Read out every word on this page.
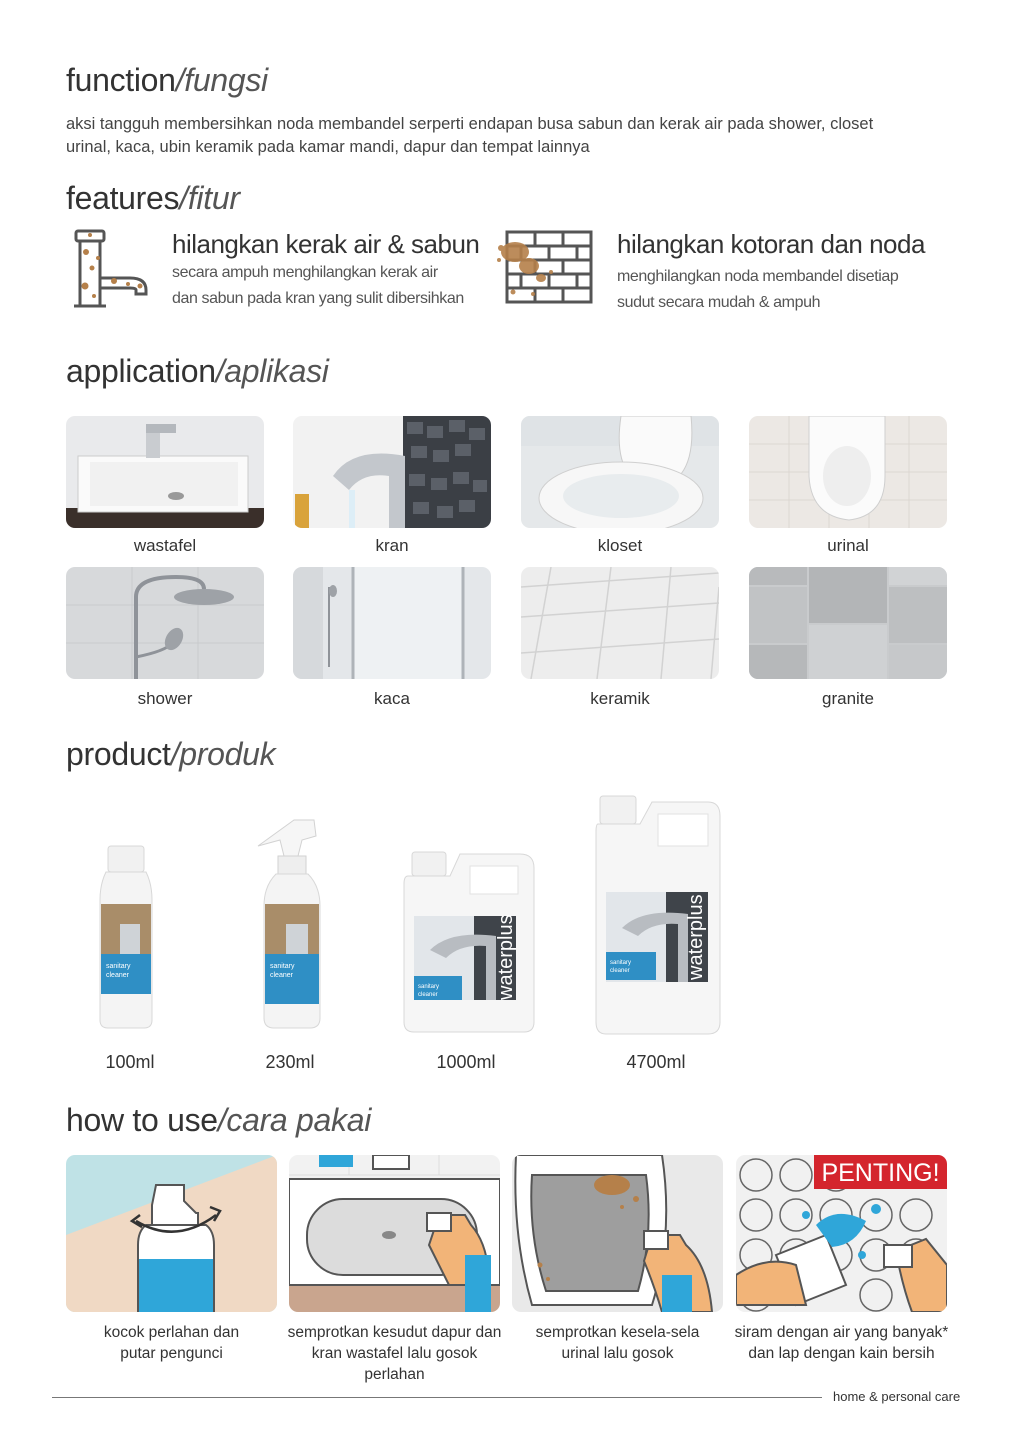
function/fungsi
aksi tangguh membersihkan noda membandel serperti endapan busa sabun dan kerak air pada shower, closet
urinal, kaca, ubin keramik pada kamar mandi, dapur dan tempat lainnya
features/fitur
hilangkan kerak air & sabun
secara ampuh menghilangkan kerak air
dan sabun pada kran yang sulit dibersihkan
hilangkan kotoran dan noda
menghilangkan noda membandel disetiap
sudut secara mudah & ampuh
application/aplikasi
wastafel	kran	kloset	urinal
shower	kaca	keramik	granite
product/produk
sanitary
cleaner
100ml
sanitary
cleaner
230ml
sanitary
cleaner	waterplus
1000ml
sanitary
cleaner	waterplus
4700ml
how to use/cara pakai
kocok perlahan dan
putar pengunci
semprotkan kesudut dapur dan
kran wastafel lalu gosok
perlahan
semprotkan kesela-sela
urinal lalu gosok
PENTING!
siram dengan air yang banyak*
dan lap dengan kain bersih
home & personal care
